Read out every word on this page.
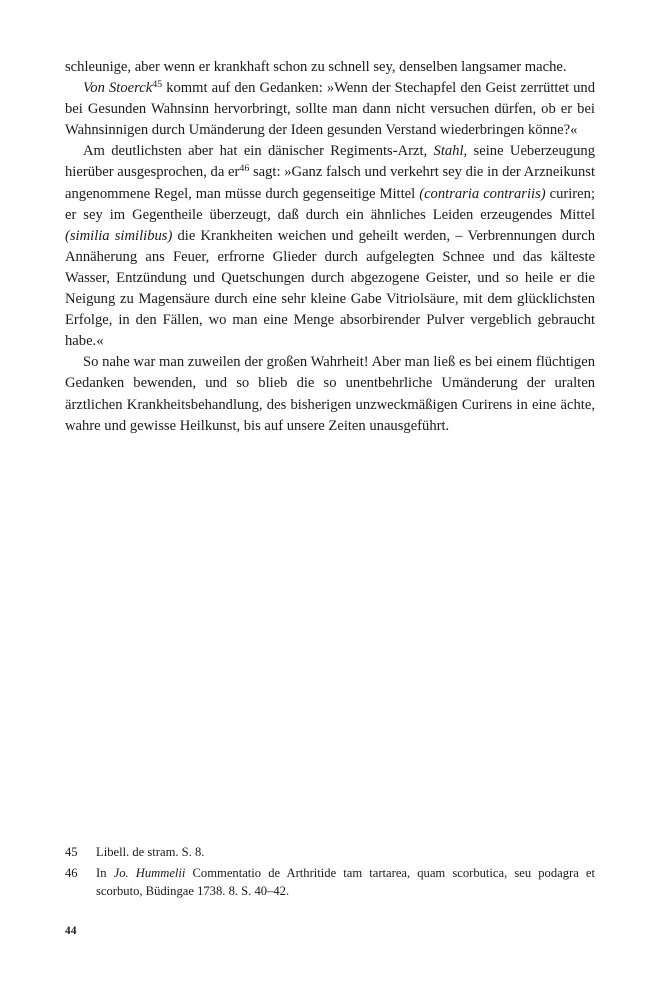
schleunige, aber wenn er krankhaft schon zu schnell sey, denselben langsamer mache.

Von Stoerck$^{45}$ kommt auf den Gedanken: »Wenn der Stechapfel den Geist zerrüttet und bei Gesunden Wahnsinn hervorbringt, sollte man dann nicht versuchen dürfen, ob er bei Wahnsinnigen durch Umänderung der Ideen gesunden Verstand wiederbringen könne?«

Am deutlichsten aber hat ein dänischer Regiments-Arzt, Stahl, seine Ueberzeugung hierüber ausgesprochen, da $er^{46}$ sagt: »Ganz falsch und verkehrt sey die in der Arzneikunst angenommene Regel, man müsse durch gegenseitige Mittel (contraria contrariis) curiren; er sey im Gegentheile überzeugt, daß durch ein ähnliches Leiden erzeugendes Mittel (similia similibus) die Krankheiten weichen und geheilt werden, – Verbrennungen durch Annäherung ans Feuer, erfrorne Glieder durch aufgelegten Schnee und das kälteste Wasser, Entzündung und Quetschungen durch abgezogene Geister, und so heile er die Neigung zu Magensäure durch eine sehr kleine Gabe Vitriolsäure, mit dem glücklichsten Erfolge, in den Fällen, wo man eine Menge absorbirender Pulver vergeblich gebraucht habe.«

So nahe war man zuweilen der großen Wahrheit! Aber man ließ es bei einem flüchtigen Gedanken bewenden, und so blieb die so unentbehrliche Umänderung der uralten ärztlichen Krankheitsbehandlung, des bisherigen unzweckmäßigen Curirens in eine ächte, wahre und gewisse Heilkunst, bis auf unsere Zeiten unausgeführt.

45	Libell. de stram. S. 8.
46	In Jo. Hummelii Commentatio de Arthritide tam tartarea, quam scorbutica, seu podagra et scorbuto, Büdingae 1738. 8. S. 40–42.
44
